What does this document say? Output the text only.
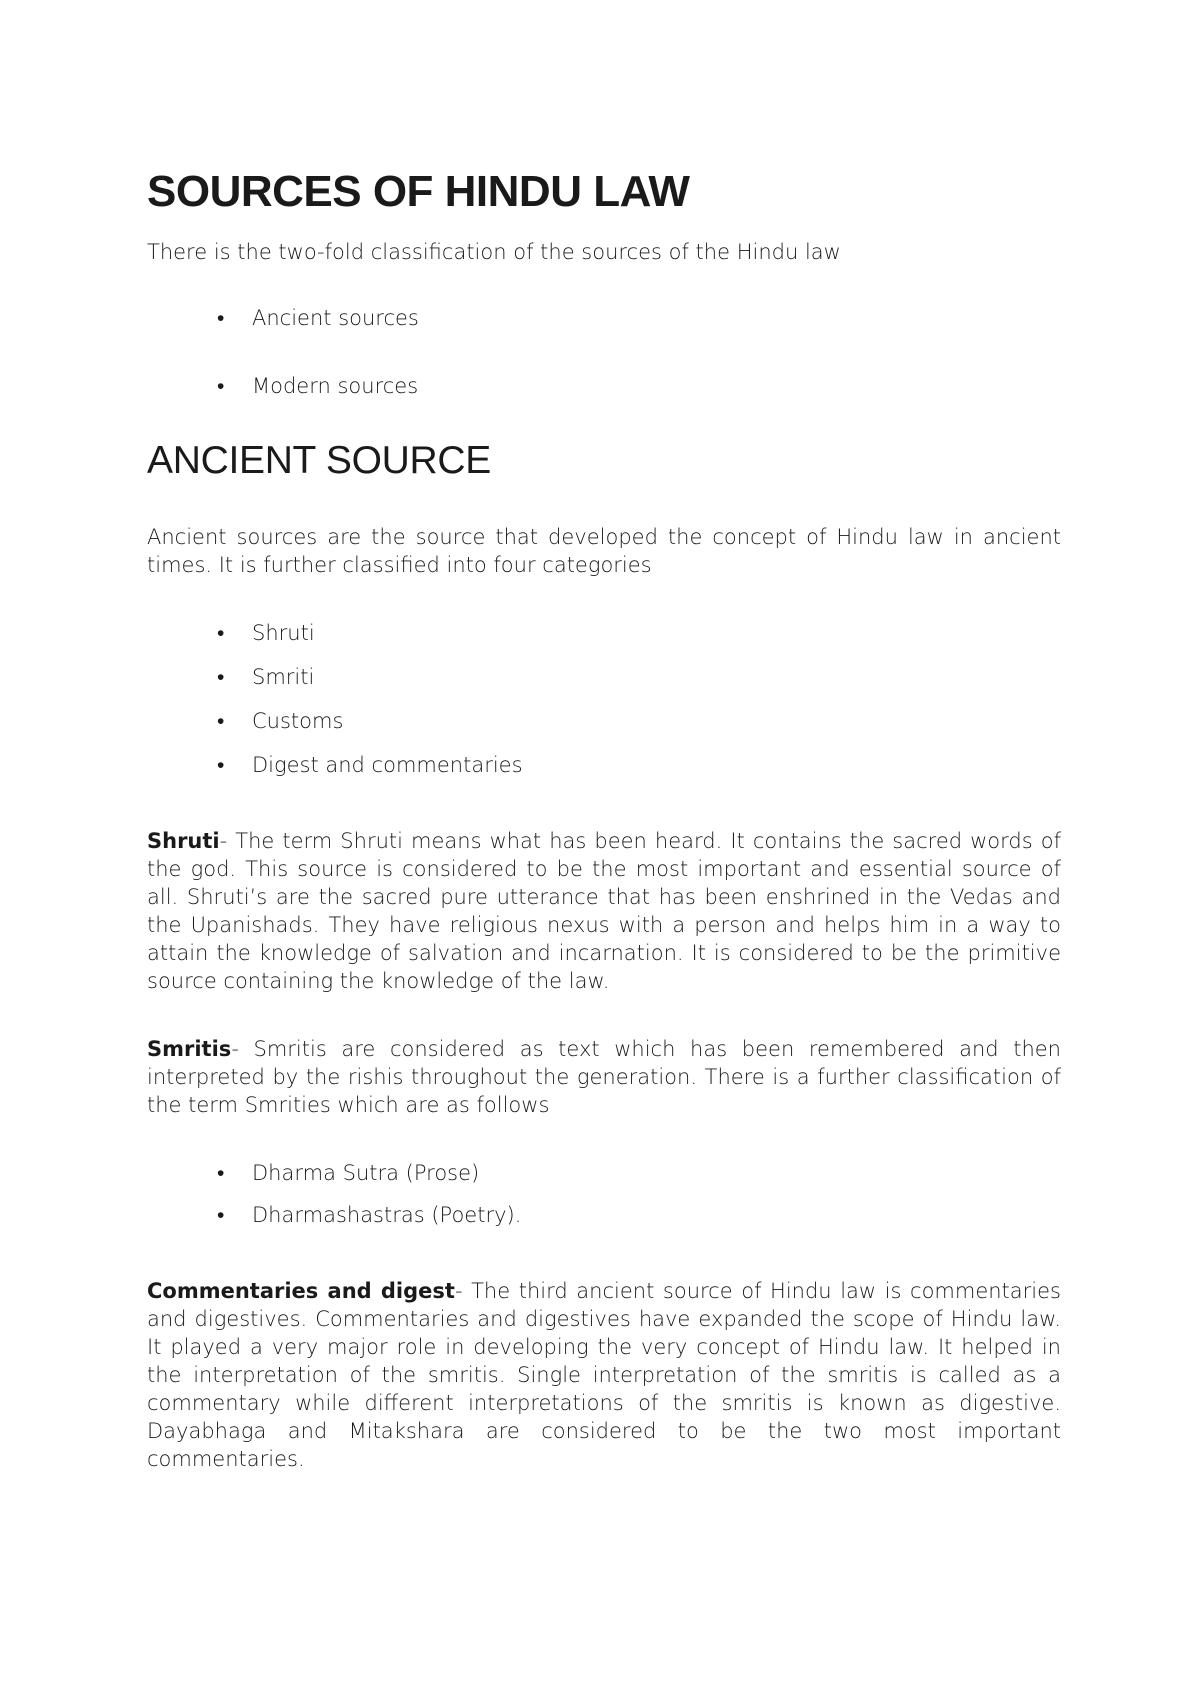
SOURCES OF HINDU LAW

There is the two-fold classification of the sources of the Hindu law

• Ancient sources
• Modern sources
ANCIENT SOURCE

Ancient sources are the source that developed the concept of Hindu law in ancient times. It is further classified into four categories

• Shruti
• Smriti
• Customs
• Digest and commentaries

Shruti- The term Shruti means what has been heard. It contains the sacred words of the god. This source is considered to be the most important and essential source of all. Shruti’s are the sacred pure utterance that has been enshrined in the Vedas and the Upanishads. They have religious nexus with a person and helps him in a way to attain the knowledge of salvation and incarnation. It is considered to be the primitive source containing the knowledge of the law.

Smritis- Smritis are considered as text which has been remembered and then interpreted by the rishis throughout the generation. There is a further classification of the term Smrities which are as follows

• Dharma Sutra (Prose)
• Dharmashastras (Poetry).

Commentaries and digest- The third ancient source of Hindu law is commentaries and digestives. Commentaries and digestives have expanded the scope of Hindu law. It played a very major role in developing the very concept of Hindu law. It helped in the interpretation of the smritis. Single interpretation of the smritis is called as a commentary while different interpretations of the smritis is known as digestive. Dayabhaga and Mitakshara are considered to be the two most important commentaries.
